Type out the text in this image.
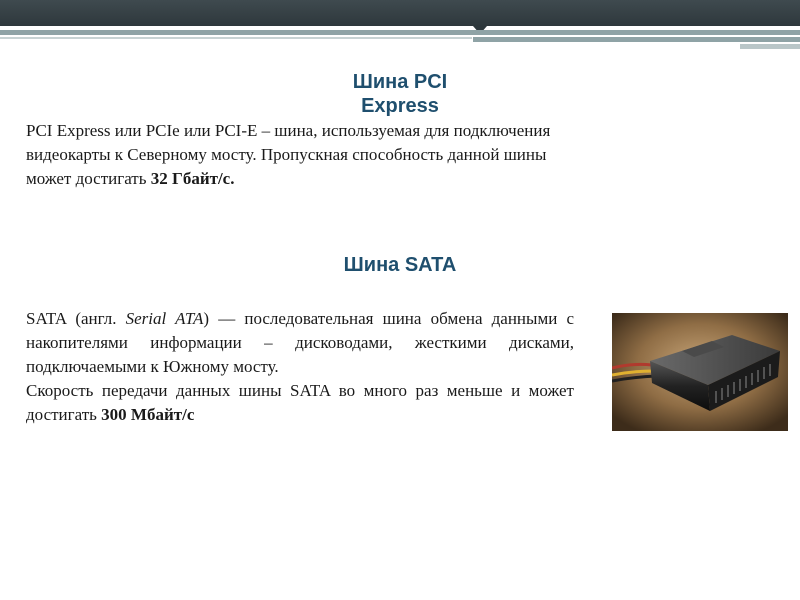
Шина PCI
Express
PCI Express или PCIe или PCI-E – шина, используемая для подключения видеокарты к Северному мосту. Пропускная способность данной шины может достигать 32 Гбайт/с.
Шина SATA
SATA (англ. Serial ATA) — последовательная шина обмена данными с накопителями информации – дисководами, жесткими дисками, подключаемыми к Южному мосту.
Скорость передачи данных шины SATA во много раз меньше и может достигать 300 Мбайт/с
